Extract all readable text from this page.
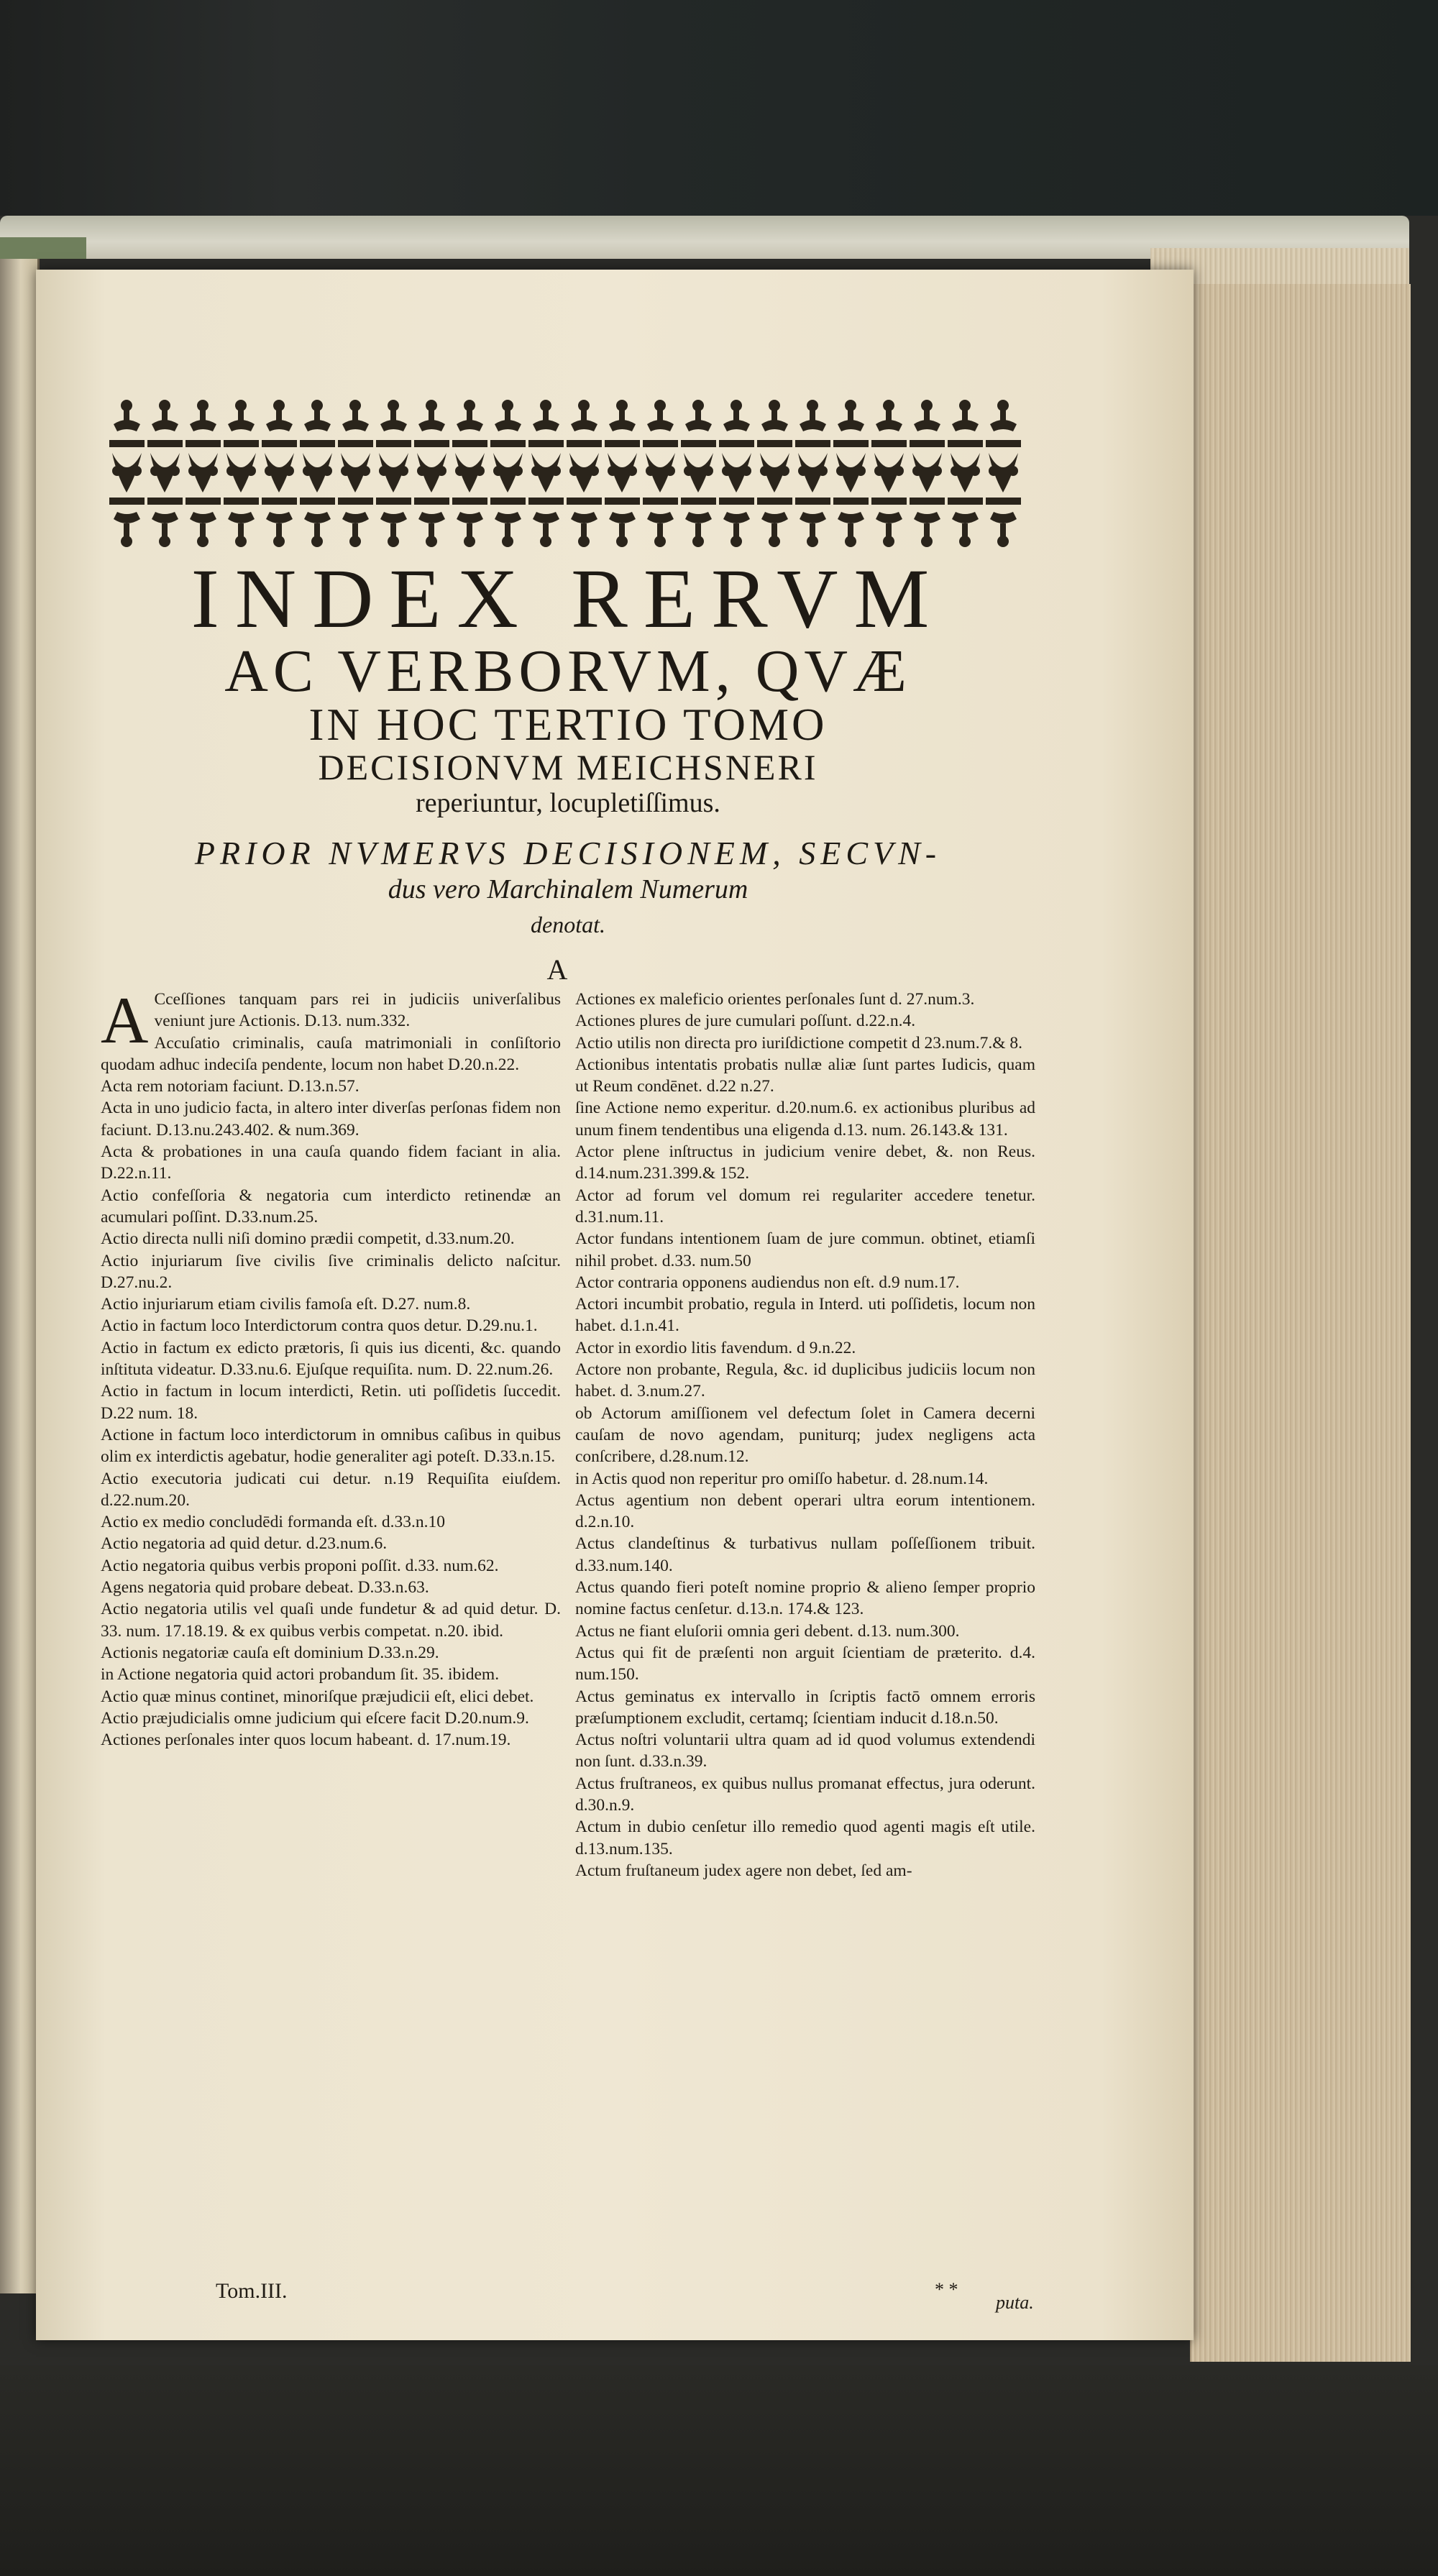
INDEX RERVM
AC VERBORVM, QVÆ
IN HOC TERTIO TOMO
DECISIONVM MEICHSNERI

reperiuntur, locupletiſſimus.

PRIOR NVMERVS DECISIONEM, SECVN-

dus vero Marchinalem Numerum

denotat.

A

A Cceſſiones tanquam pars rei in judiciis univerſalibus veniunt jure Actionis. D.13. num.332.

Accuſatio criminalis, cauſa matrimoniali in conſiſtorio quodam adhuc indeciſa pendente, locum non habet D.20.n.22.

Acta rem notoriam faciunt. D.13.n.57.

Acta in uno judicio facta, in altero inter diverſas perſonas fidem non faciunt. D.13.nu.243.402. & num.369.

Acta & probationes in una cauſa quando fidem faciant in alia. D.22.n.11.

Actio confeſſoria & negatoria cum interdicto retinendæ an acumulari poſſint. D.33.num.25.

Actio directa nulli niſi domino prædii competit, d.33.num.20.

Actio injuriarum ſive civilis ſive criminalis delicto naſcitur. D.27.nu.2.

Actio injuriarum etiam civilis famoſa eſt. D.27. num.8.

Actio in factum loco Interdictorum contra quos detur. D.29.nu.1.

Actio in factum ex edicto prætoris, ſi quis ius dicenti, &c. quando inſtituta videatur. D.33.nu.6. Ejuſque requiſita. num. D. 22.num.26.

Actio in factum in locum interdicti, Retin. uti poſſidetis ſuccedit. D.22 num. 18.

Actione in factum loco interdictorum in omnibus caſibus in quibus olim ex interdictis agebatur, hodie generaliter agi poteſt. D.33.n.15.

Actio executoria judicati cui detur. n.19 Requiſita eiuſdem. d.22.num.20.

Actio ex medio concludēdi formanda eſt. d.33.n.10

Actio negatoria ad quid detur. d.23.num.6.

Actio negatoria quibus verbis proponi poſſit. d.33. num.62.

Agens negatoria quid probare debeat. D.33.n.63.

Actio negatoria utilis vel quaſi unde fundetur & ad quid detur. D. 33. num. 17.18.19. & ex quibus verbis competat. n.20. ibid.

Actionis negatoriæ cauſa eſt dominium D.33.n.29.

in Actione negatoria quid actori probandum ſit. 35. ibidem.

Actio quæ minus continet, minoriſque præjudicii eſt, elici debet.

Actio præjudicialis omne judicium qui eſcere facit D.20.num.9.

Actiones perſonales inter quos locum habeant. d. 17.num.19.

Actiones ex maleficio orientes perſonales ſunt d. 27.num.3.

Actiones plures de jure cumulari poſſunt. d.22.n.4.

Actio utilis non directa pro iuriſdictione competit d 23.num.7.& 8.

Actionibus intentatis probatis nullæ aliæ ſunt partes Iudicis, quam ut Reum condēnet. d.22 n.27.

ſine Actione nemo experitur. d.20.num.6. ex actionibus pluribus ad unum finem tendentibus una eligenda d.13. num. 26.143.& 131.

Actor plene inſtructus in judicium venire debet, &. non Reus. d.14.num.231.399.& 152.

Actor ad forum vel domum rei regulariter accedere tenetur. d.31.num.11.

Actor fundans intentionem ſuam de jure commun. obtinet, etiamſi nihil probet. d.33. num.50

Actor contraria opponens audiendus non eſt. d.9 num.17.

Actori incumbit probatio, regula in Interd. uti poſſidetis, locum non habet. d.1.n.41.

Actor in exordio litis favendum. d 9.n.22.

Actore non probante, Regula, &c. id duplicibus judiciis locum non habet. d. 3.num.27.

ob Actorum amiſſionem vel defectum ſolet in Camera decerni cauſam de novo agendam, puniturq; judex negligens acta conſcribere, d.28.num.12.

in Actis quod non reperitur pro omiſſo habetur. d. 28.num.14.

Actus agentium non debent operari ultra eorum intentionem. d.2.n.10.

Actus clandeſtinus & turbativus nullam poſſeſſionem tribuit. d.33.num.140.

Actus quando fieri poteſt nomine proprio & alieno ſemper proprio nomine factus cenſetur. d.13.n. 174.& 123.

Actus ne fiant eluſorii omnia geri debent. d.13. num.300.

Actus qui fit de præſenti non arguit ſcientiam de præterito. d.4. num.150.

Actus geminatus ex intervallo in ſcriptis factō omnem erroris præſumptionem excludit, certamq; ſcientiam inducit d.18.n.50.

Actus noſtri voluntarii ultra quam ad id quod volumus extendendi non ſunt. d.33.n.39.

Actus fruſtraneos, ex quibus nullus promanat effectus, jura oderunt. d.30.n.9.

Actum in dubio cenſetur illo remedio quod agenti magis eſt utile. d.13.num.135.

Actum fruſtaneum judex agere non debet, ſed am-

Tom.III.	* *
puta.
